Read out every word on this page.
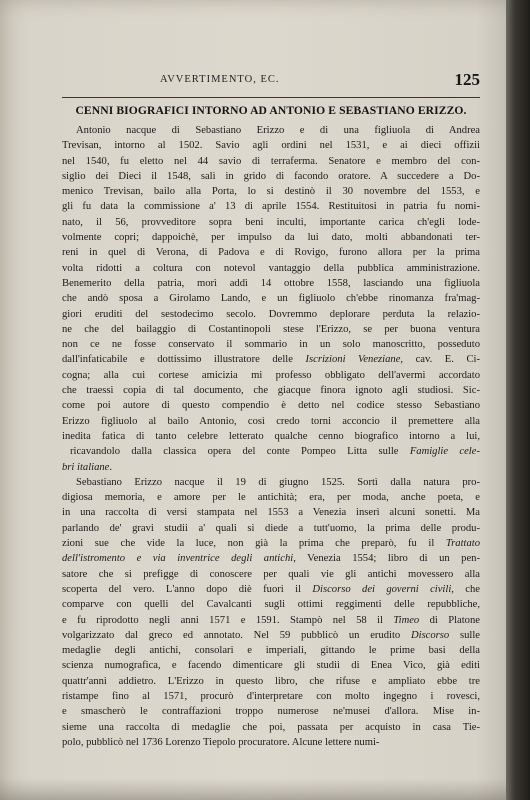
AVVERTIMENTO, EC.	125
CENNI BIOGRAFICI INTORNO AD ANTONIO E SEBASTIANO ERIZZO.
Antonio nacque di Sebastiano Erizzo e di una figliuola di Andrea
Trevisan, intorno al 1502. Savio agli ordini nel 1531, e ai dieci offizii
nel 1540, fu eletto nel 44 savio di terraferma. Senatore e membro del con-
siglio dei Dieci il 1548, salì in grido di facondo oratore. A succedere a Do-
menico Trevisan, bailo alla Porta, lo si destinò il 30 novembre del 1553, e
gli fu data la commissione a' 13 di aprile 1554. Restituitosi in patria fu nomi-
nato, il 56, provveditore sopra beni inculti, importante carica ch'egli lode-
volmente copri; dappoichè, per impulso da lui dato, molti abbandonati ter-
reni in quel di Verona, di Padova e di Rovigo, furono allora per la prima
volta ridotti a coltura con notevol vantaggio della pubblica amministrazione.
Benemerito della patria, morì addì 14 ottobre 1558, lasciando una figliuola
che andò sposa a Girolamo Lando, e un figliuolo ch'ebbe rinomanza fra'mag-
giori eruditi del sestodecimo secolo. Dovremmo deplorare perduta la relazio-
ne che del bailaggio di Costantinopoli stese l'Erizzo, se per buona ventura
non ce ne fosse conservato il sommario in un solo manoscritto, posseduto
dall'infaticabile e dottissimo illustratore delle Iscrizioni Veneziane, cav. E. Ci-
cogna; alla cui cortese amicizia mi professo obbligato dell'avermi accordato
che traessi copia di tal documento, che giacque finora ignoto agli studiosi. Sic-
come poi autore di questo compendio è detto nel codice stesso Sebastiano
Erizzo figliuolo al bailo Antonio, così credo torni acconcio il premettere alla
inedita fatica di tanto celebre letterato qualche cenno biografico intorno a lui,
ricavandolo dalla classica opera del conte Pompeo Litta sulle Famiglie cele-
bri italiane.
Sebastiano Erizzo nacque il 19 di giugno 1525. Sortì dalla natura pro-
digiosa memoria, e amore per le antichità; era, per moda, anche poeta, e
in una raccolta di versi stampata nel 1553 a Venezia inserì alcuni sonetti. Ma
parlando de' gravi studii a' quali si diede a tutt'uomo, la prima delle produ-
zioni sue che vide la luce, non già la prima che preparò, fu il Trattato
dell'istromento e via inventrice degli antichi, Venezia 1554; libro di un pen-
satore che si prefigge di conoscere per quali vie gli antichi movessero alla
scoperta del vero. L'anno dopo diè fuori il Discorso dei governi civili, che
comparve con quelli del Cavalcanti sugli ottimi reggimenti delle repubbliche,
e fu riprodotto negli anni 1571 e 1591. Stampò nel 58 il Timeo di Platone
volgarizzato dal greco ed annotato. Nel 59 pubblicò un erudito Discorso sulle
medaglie degli antichi, consolari e imperiali, gittando le prime basi della
scienza numografica, e facendo dimenticare gli studii di Enea Vico, già editi
quattr'anni addietro. L'Erizzo in questo libro, che rifuse e ampliato ebbe tre
ristampe fino al 1571, procurò d'interpretare con molto ingegno i rovesci,
e smascherò le contraffazioni troppo numerose ne'musei d'allora. Mise in-
sieme una raccolta di medaglie che poi, passata per acquisto in casa Tie-
polo, pubblicò nel 1736 Lorenzo Tiepolo procuratore. Alcune lettere numi-
